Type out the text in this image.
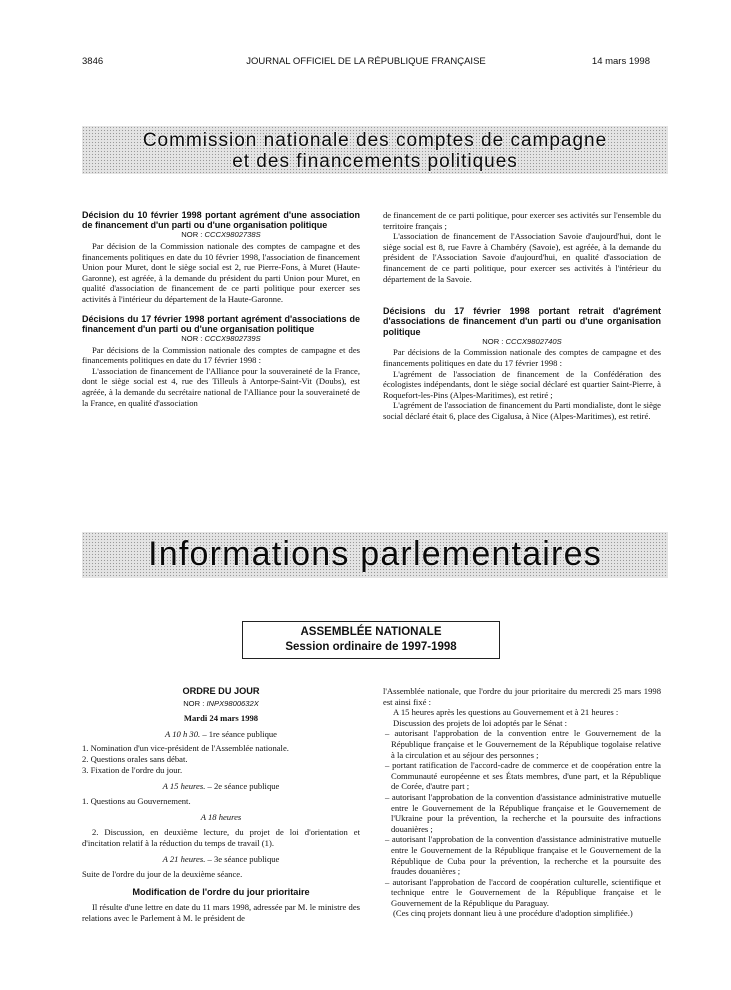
3846	JOURNAL OFFICIEL DE LA RÉPUBLIQUE FRANÇAISE	14 mars 1998
Commission nationale des comptes de campagne
et des financements politiques

Décision du 10 février 1998 portant agrément d'une association de financement d'un parti ou d'une organisation politique

NOR : CCCX9802738S

Par décision de la Commission nationale des comptes de campagne et des financements politiques en date du 10 février 1998, l'association de financement Union pour Muret, dont le siège social est 2, rue Pierre-Fons, à Muret (Haute-Garonne), est agréée, à la demande du président du parti Union pour Muret, en qualité d'association de financement de ce parti politique pour exercer ses activités à l'intérieur du département de la Haute-Garonne.

Décisions du 17 février 1998 portant agrément d'associations de financement d'un parti ou d'une organisation politique

NOR : CCCX9802739S

Par décisions de la Commission nationale des comptes de campagne et des financements politiques en date du 17 février 1998 :

L'association de financement de l'Alliance pour la souveraineté de la France, dont le siège social est 4, rue des Tilleuls à Antorpe-Saint-Vit (Doubs), est agréée, à la demande du secrétaire national de l'Alliance pour la souveraineté de la France, en qualité d'association

de financement de ce parti politique, pour exercer ses activités sur l'ensemble du territoire français ;

L'association de financement de l'Association Savoie d'aujourd'hui, dont le siège social est 8, rue Favre à Chambéry (Savoie), est agréée, à la demande du président de l'Association Savoie d'aujourd'hui, en qualité d'association de financement de ce parti politique, pour exercer ses activités à l'intérieur du département de la Savoie.

Décisions du 17 février 1998 portant retrait d'agrément d'associations de financement d'un parti ou d'une organisation politique

NOR : CCCX9802740S

Par décisions de la Commission nationale des comptes de campagne et des financements politiques en date du 17 février 1998 :

L'agrément de l'association de financement de la Confédération des écologistes indépendants, dont le siège social déclaré est quartier Saint-Pierre, à Roquefort-les-Pins (Alpes-Maritimes), est retiré ;

L'agrément de l'association de financement du Parti mondialiste, dont le siège social déclaré était 6, place des Cigalusa, à Nice (Alpes-Maritimes), est retiré.

Informations parlementaires
ASSEMBLÉE NATIONALE
Session ordinaire de 1997-1998

ORDRE DU JOUR

NOR : INPX9800632X

Mardi 24 mars 1998

A 10 h 30. – 1re séance publique

1. Nomination d'un vice-président de l'Assemblée nationale.

2. Questions orales sans débat.

3. Fixation de l'ordre du jour.

A 15 heures. – 2e séance publique

1. Questions au Gouvernement.

A 18 heures

2. Discussion, en deuxième lecture, du projet de loi d'orientation et d'incitation relatif à la réduction du temps de travail (1).

A 21 heures. – 3e séance publique

Suite de l'ordre du jour de la deuxième séance.

Modification de l'ordre du jour prioritaire

Il résulte d'une lettre en date du 11 mars 1998, adressée par M. le ministre des relations avec le Parlement à M. le président de

l'Assemblée nationale, que l'ordre du jour prioritaire du mercredi 25 mars 1998 est ainsi fixé :

A 15 heures après les questions au Gouvernement et à 21 heures :

Discussion des projets de loi adoptés par le Sénat :

– autorisant l'approbation de la convention entre le Gouvernement de la République française et le Gouvernement de la République togolaise relative à la circulation et au séjour des personnes ;
– portant ratification de l'accord-cadre de commerce et de coopération entre la Communauté européenne et ses États membres, d'une part, et la République de Corée, d'autre part ;
– autorisant l'approbation de la convention d'assistance administrative mutuelle entre le Gouvernement de la République française et le Gouvernement de l'Ukraine pour la prévention, la recherche et la poursuite des infractions douanières ;
– autorisant l'approbation de la convention d'assistance administrative mutuelle entre le Gouvernement de la République française et le Gouvernement de la République de Cuba pour la prévention, la recherche et la poursuite des fraudes douanières ;
– autorisant l'approbation de l'accord de coopération culturelle, scientifique et technique entre le Gouvernement de la République française et le Gouvernement de la République du Paraguay.

(Ces cinq projets donnant lieu à une procédure d'adoption simplifiée.)
